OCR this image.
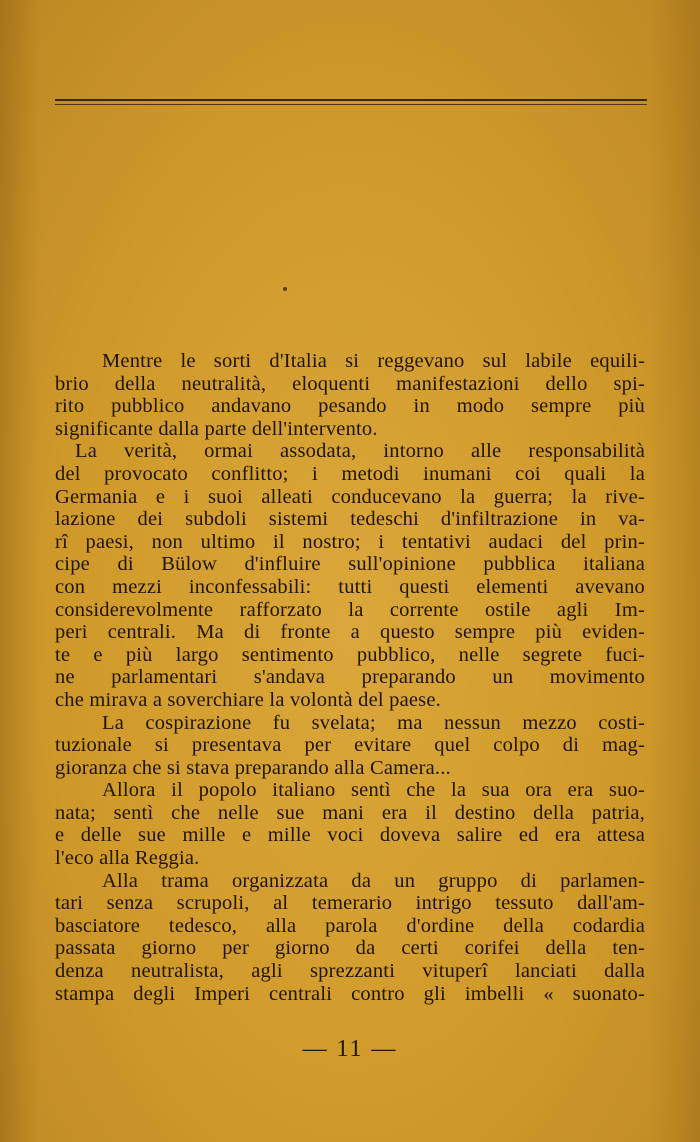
Mentre le sorti d'Italia si reggevano sul labile equili-
brio della neutralità, eloquenti manifestazioni dello spi-
rito pubblico andavano pesando in modo sempre più
significante dalla parte dell'intervento.
La verità, ormai assodata, intorno alle responsabilità
del provocato conflitto; i metodi inumani coi quali la
Germania e i suoi alleati conducevano la guerra; la rive-
lazione dei subdoli sistemi tedeschi d'infiltrazione in va-
rî paesi, non ultimo il nostro; i tentativi audaci del prin-
cipe di Bülow d'influire sull'opinione pubblica italiana
con mezzi inconfessabili: tutti questi elementi avevano
considerevolmente rafforzato la corrente ostile agli Im-
peri centrali. Ma di fronte a questo sempre più eviden-
te e più largo sentimento pubblico, nelle segrete fuci-
ne parlamentari s'andava preparando un movimento
che mirava a soverchiare la volontà del paese.
La cospirazione fu svelata; ma nessun mezzo costi-
tuzionale si presentava per evitare quel colpo di mag-
gioranza che si stava preparando alla Camera...
Allora il popolo italiano sentì che la sua ora era suo-
nata; sentì che nelle sue mani era il destino della patria,
e delle sue mille e mille voci doveva salire ed era attesa
l'eco alla Reggia.
Alla trama organizzata da un gruppo di parlamen-
tari senza scrupoli, al temerario intrigo tessuto dall'am-
basciatore tedesco, alla parola d'ordine della codardia
passata giorno per giorno da certi corifei della ten-
denza neutralista, agli sprezzanti vituperî lanciati dalla
stampa degli Imperi centrali contro gli imbelli « suonato-
— 11 —
